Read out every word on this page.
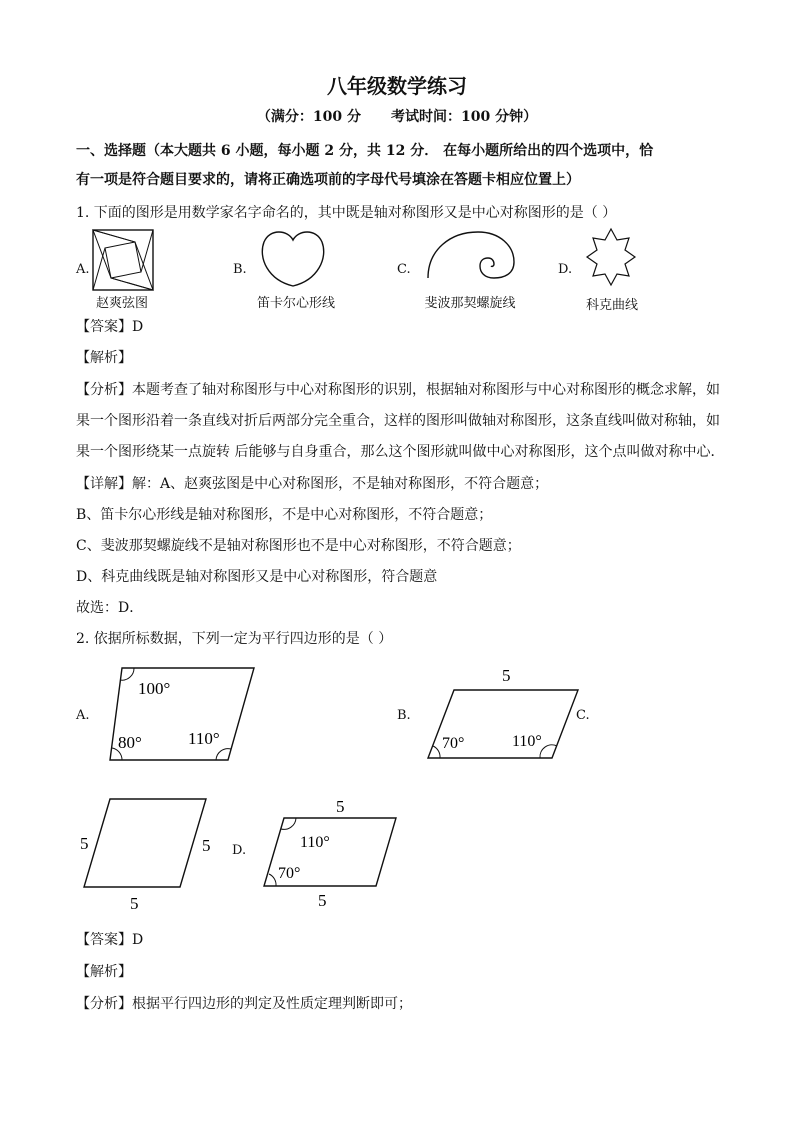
八年级数学练习
（满分：100 分 考试时间：100 分钟）
一、选择题（本大题共 6 小题，每小题 2 分，共 12 分． 在每小题所给出的四个选项中，恰
有一项是符合题目要求的，请将正确选项前的字母代号填涂在答题卡相应位置上）
1. 下面的图形是用数学家名字命名的，其中既是轴对称图形又是中心对称图形的是（ ）
A.
赵爽弦图
B.
笛卡尔心形线
C.
斐波那契螺旋线
D.
科克曲线
【答案】D
【解析】
【分析】本题考查了轴对称图形与中心对称图形的识别，根据轴对称图形与中心对称图形的概念求解，如
果一个图形沿着一条直线对折后两部分完全重合，这样的图形叫做轴对称图形，这条直线叫做对称轴，如
果一个图形绕某一点旋转 后能够与自身重合，那么这个图形就叫做中心对称图形，这个点叫做对称中心．
【详解】解：A、赵爽弦图是中心对称图形，不是轴对称图形，不符合题意；
B、笛卡尔心形线是轴对称图形，不是中心对称图形，不符合题意；
C、斐波那契螺旋线不是轴对称图形也不是中心对称图形，不符合题意；
D、科克曲线既是轴对称图形又是中心对称图形，符合题意
故选：D．
2. 依据所标数据，下列一定为平行四边形的是（ ）
A.
100°
80°	110°
B.
5
70°	110°
C.
5	5
5
D.
5
110°
70°
5
【答案】D
【解析】
【分析】根据平行四边形的判定及性质定理判断即可；
